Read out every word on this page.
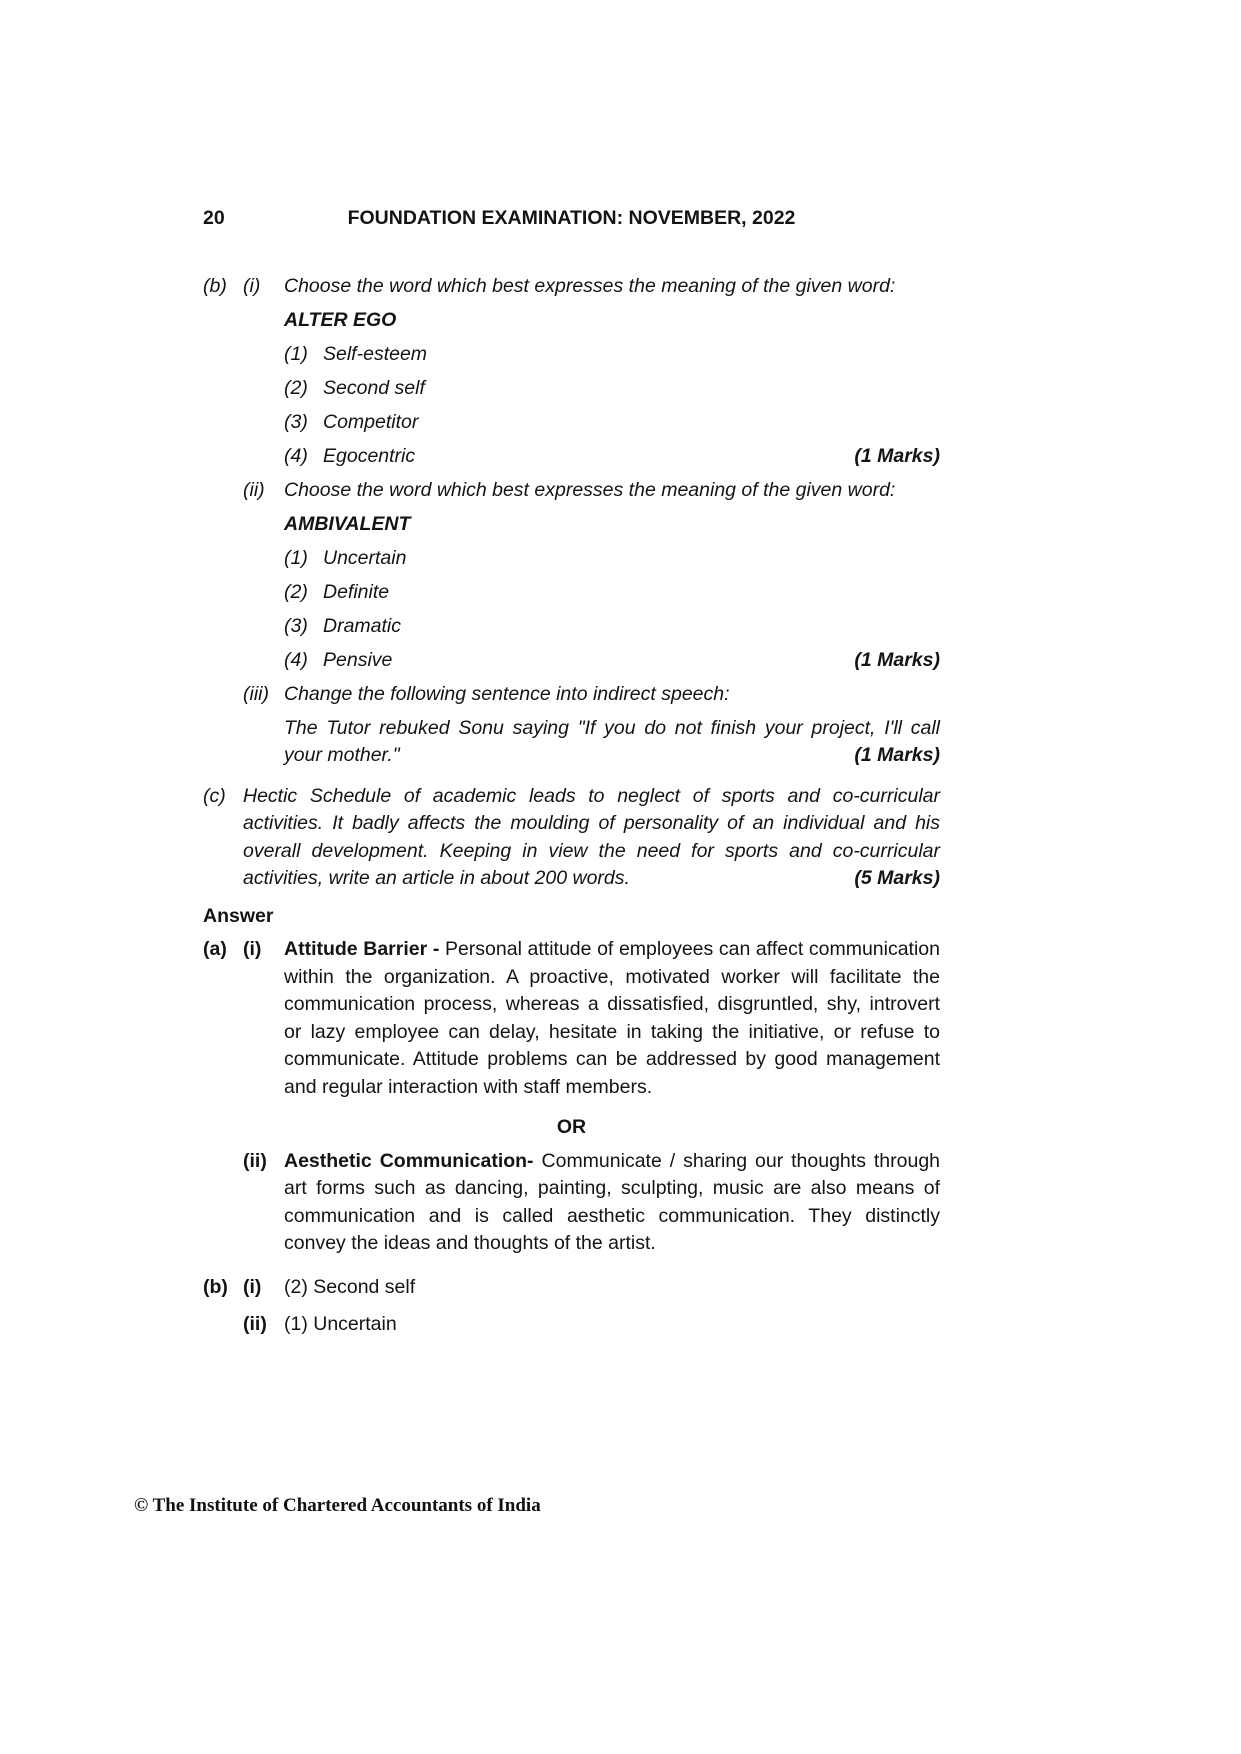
20	FOUNDATION EXAMINATION: NOVEMBER, 2022
(b) (i)	Choose the word which best expresses the meaning of the given word:
ALTER EGO
(1) Self-esteem
(2) Second self
(3) Competitor
(4) Egocentric	(1 Marks)
(ii) Choose the word which best expresses the meaning of the given word:
AMBIVALENT
(1) Uncertain
(2) Definite
(3) Dramatic
(4) Pensive	(1 Marks)
(iii) Change the following sentence into indirect speech:
The Tutor rebuked Sonu saying "If you do not finish your project, I'll call your mother."	(1 Marks)
(c) Hectic Schedule of academic leads to neglect of sports and co-curricular activities. It badly affects the moulding of personality of an individual and his overall development. Keeping in view the need for sports and co-curricular activities, write an article in about 200 words.	(5 Marks)
Answer
(a) (i)	Attitude Barrier - Personal attitude of employees can affect communication within the organization. A proactive, motivated worker will facilitate the communication process, whereas a dissatisfied, disgruntled, shy, introvert or lazy employee can delay, hesitate in taking the initiative, or refuse to communicate. Attitude problems can be addressed by good management and regular interaction with staff members.
OR
(ii) Aesthetic Communication- Communicate / sharing our thoughts through art forms such as dancing, painting, sculpting, music are also means of communication and is called aesthetic communication. They distinctly convey the ideas and thoughts of the artist.
(b) (i)	(2) Second self
(ii) (1) Uncertain
© The Institute of Chartered Accountants of India
